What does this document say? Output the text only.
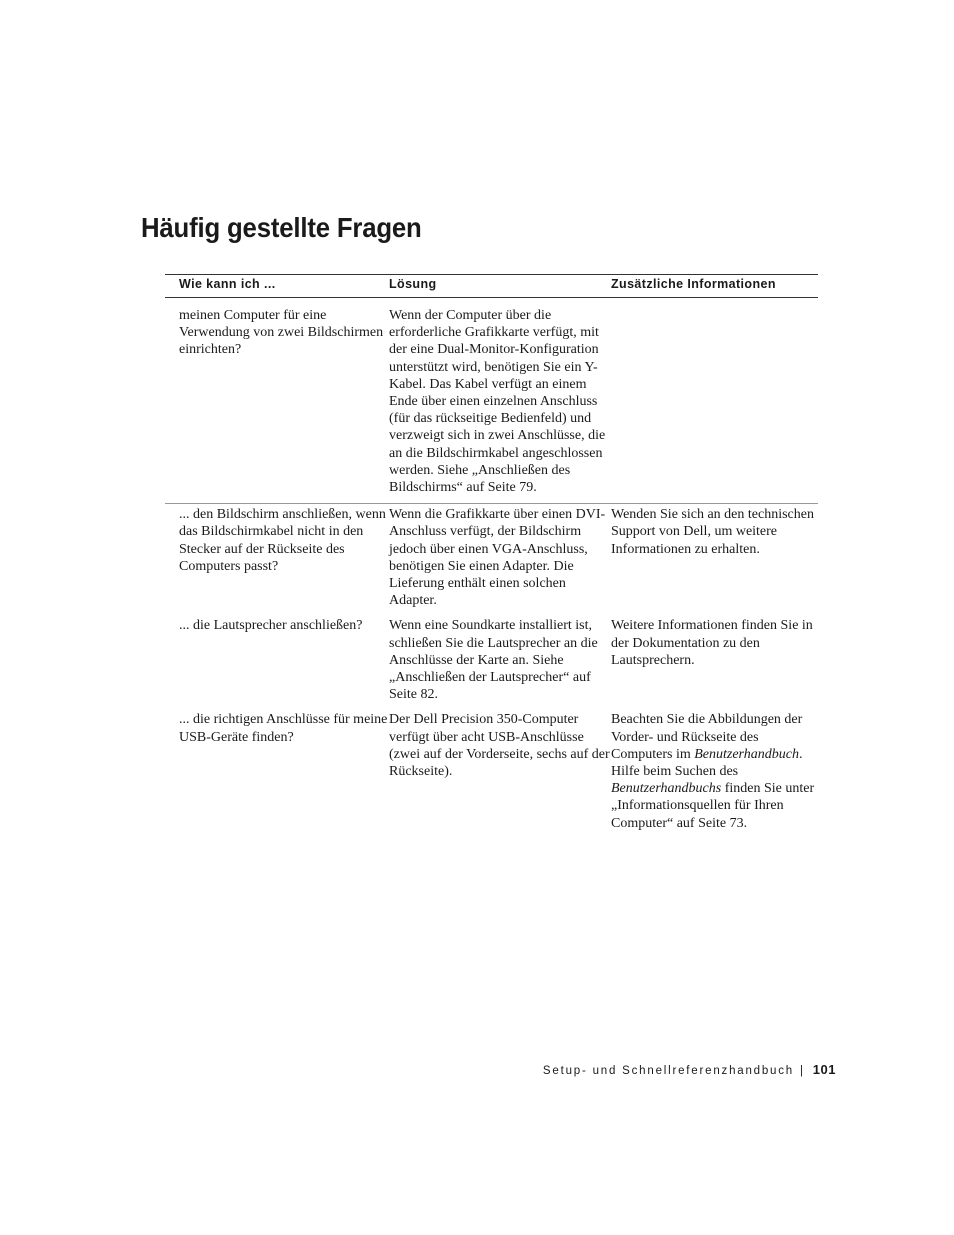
Häufig gestellte Fragen
Wie kann ich ...	Lösung	Zusätzliche Informationen
meinen Computer für eine Verwendung von zwei Bildschirmen einrichten?	Wenn der Computer über die erforderliche Grafikkarte verfügt, mit der eine Dual-Monitor-Konfiguration unterstützt wird, benötigen Sie ein Y-Kabel. Das Kabel verfügt an einem Ende über einen einzelnen Anschluss (für das rückseitige Bedienfeld) und verzweigt sich in zwei Anschlüsse, die an die Bildschirmkabel angeschlossen werden. Siehe „Anschließen des Bildschirms“ auf Seite 79.	
... den Bildschirm anschließen, wenn das Bildschirmkabel nicht in den Stecker auf der Rückseite des Computers passt?	Wenn die Grafikkarte über einen DVI-Anschluss verfügt, der Bildschirm jedoch über einen VGA-Anschluss, benötigen Sie einen Adapter. Die Lieferung enthält einen solchen Adapter.	Wenden Sie sich an den technischen Support von Dell, um weitere Informationen zu erhalten.
... die Lautsprecher anschließen?	Wenn eine Soundkarte installiert ist, schließen Sie die Lautsprecher an die Anschlüsse der Karte an. Siehe „Anschließen der Lautsprecher“ auf Seite 82.	Weitere Informationen finden Sie in der Dokumentation zu den Lautsprechern.
... die richtigen Anschlüsse für meine USB-Geräte finden?	Der Dell Precision 350-Computer verfügt über acht USB-Anschlüsse (zwei auf der Vorderseite, sechs auf der Rückseite).	Beachten Sie die Abbildungen der Vorder- und Rückseite des Computers im Benutzerhandbuch. Hilfe beim Suchen des Benutzerhandbuchs finden Sie unter „Informationsquellen für Ihren Computer“ auf Seite 73.
Setup- und Schnellreferenzhandbuch | 101
